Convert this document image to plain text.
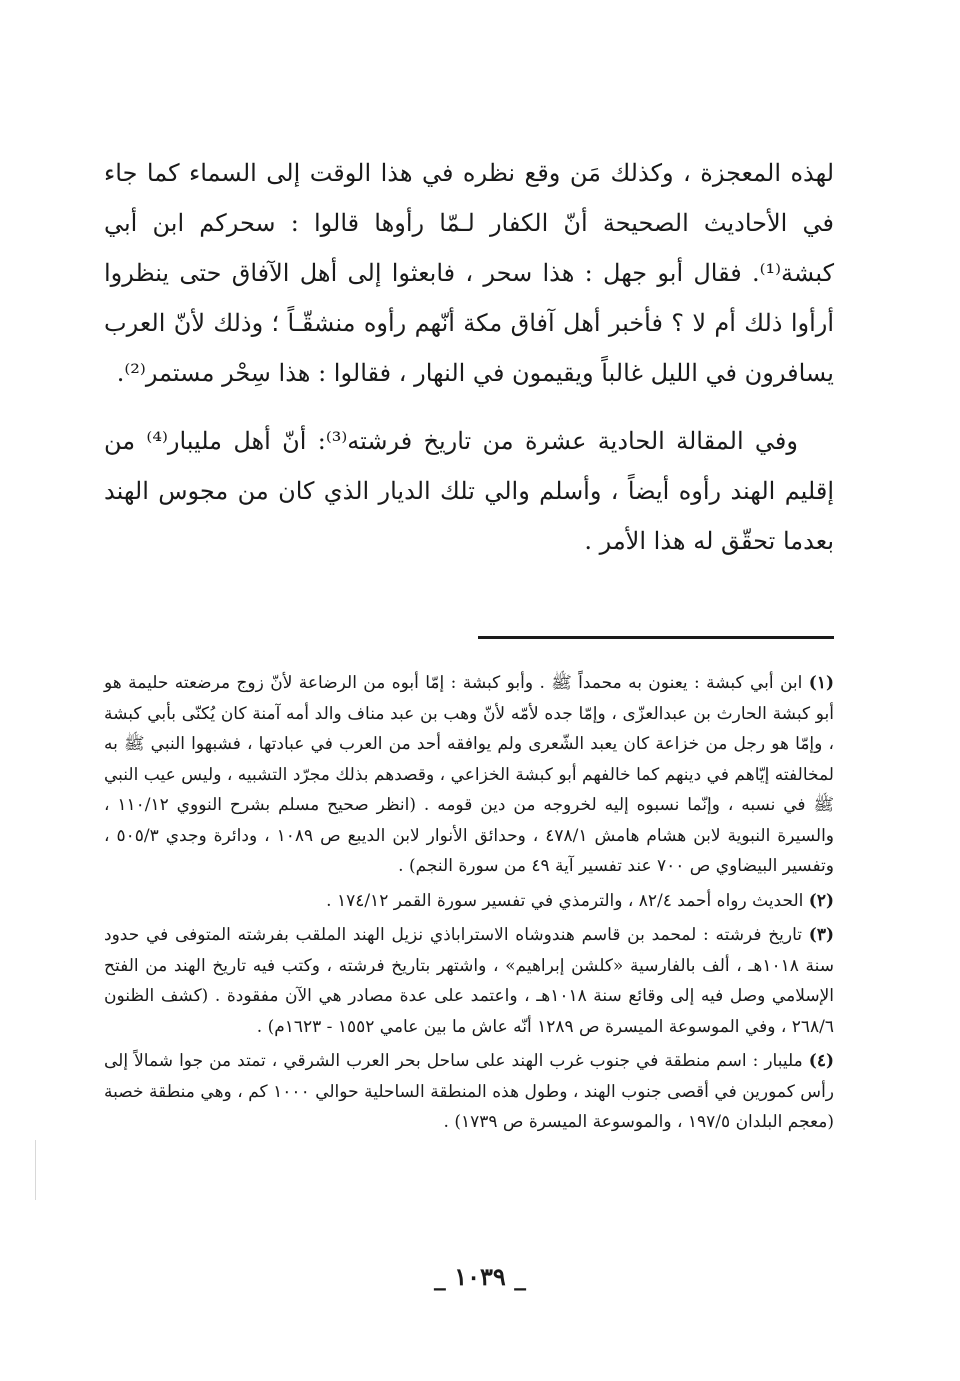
لهذه المعجزة ، وكذلك مَن وقع نظره في هذا الوقت إلى السماء كما جاء في الأحاديث الصحيحة أنّ الكفار لـمّا رأوها قالوا : سحركم ابن أبي كبشة⁽¹⁾. فقال أبو جهل : هذا سحر ، فابعثوا إلى أهل الآفاق حتى ينظروا أرأوا ذلك أم لا ؟ فأخبر أهل آفاق مكة أنّهم رأوه منشقّـاً ؛ وذلك لأنّ العرب يسافرون في الليل غالباً ويقيمون في النهار ، فقالوا : هذا سِحْر مستمر⁽²⁾.

وفي المقالة الحادية عشرة من تاريخ فرشته⁽³⁾: أنّ أهل مليبار⁽⁴⁾ من إقليم الهند رأوه أيضاً ، وأسلم والي تلك الديار الذي كان من مجوس الهند بعدما تحقّق له هذا الأمر .

(١) ابن أبي كبشة : يعنون به محمداً ﷺ . وأبو كبشة : إمّا أبوه من الرضاعة لأنّ زوج مرضعته حليمة هو أبو كبشة الحارث بن عبدالعزّى ، وإمّا جده لأمّه لأنّ وهب بن عبد مناف والد أمه آمنة كان يُكنّى بأبي كبشة ، وإمّا هو رجل من خزاعة كان يعبد الشّعرى ولم يوافقه أحد من العرب في عبادتها ، فشبهوا النبي ﷺ به لمخالفته إيّاهم في دينهم كما خالفهم أبو كبشة الخزاعي ، وقصدهم بذلك مجرّد التشبيه ، وليس عيب النبي ﷺ في نسبه ، وإنّما نسبوه إليه لخروجه من دين قومه . (انظر صحيح مسلم بشرح النووي ١١٠/١٢ ، والسيرة النبوية لابن هشام هامش ٤٧٨/١ ، وحدائق الأنوار لابن الديبع ص ١٠٨٩ ، ودائرة وجدي ٥٠٥/٣ ، وتفسير البيضاوي ص ٧٠٠ عند تفسير آية ٤٩ من سورة النجم) .

(٢) الحديث رواه أحمد ٨٢/٤ ، والترمذي في تفسير سورة القمر ١٧٤/١٢ .

(٣) تاريخ فرشته : لمحمد بن قاسم هندوشاه الاستراباذي نزيل الهند الملقب بفرشته المتوفى في حدود سنة ١٠١٨هـ ، ألف بالفارسية «كلشن إبراهيم» ، واشتهر بتاريخ فرشته ، وكتب فيه تاريخ الهند من الفتح الإسلامي وصل فيه إلى وقائع سنة ١٠١٨هـ ، واعتمد على عدة مصادر هي الآن مفقودة . (كشف الظنون ٢٦٨/٦ ، وفي الموسوعة الميسرة ص ١٢٨٩ أنّه عاش ما بين عامي ١٥٥٢ - ١٦٢٣م) .

(٤) مليبار : اسم منطقة في جنوب غرب الهند على ساحل بحر العرب الشرقي ، تمتد من جوا شمالاً إلى رأس كمورين في أقصى جنوب الهند ، وطول هذه المنطقة الساحلية حوالي ١٠٠٠ كم ، وهي منطقة خصبة (معجم البلدان ١٩٧/٥ ، والموسوعة الميسرة ص ١٧٣٩) .

_ ١٠٣٩ _
